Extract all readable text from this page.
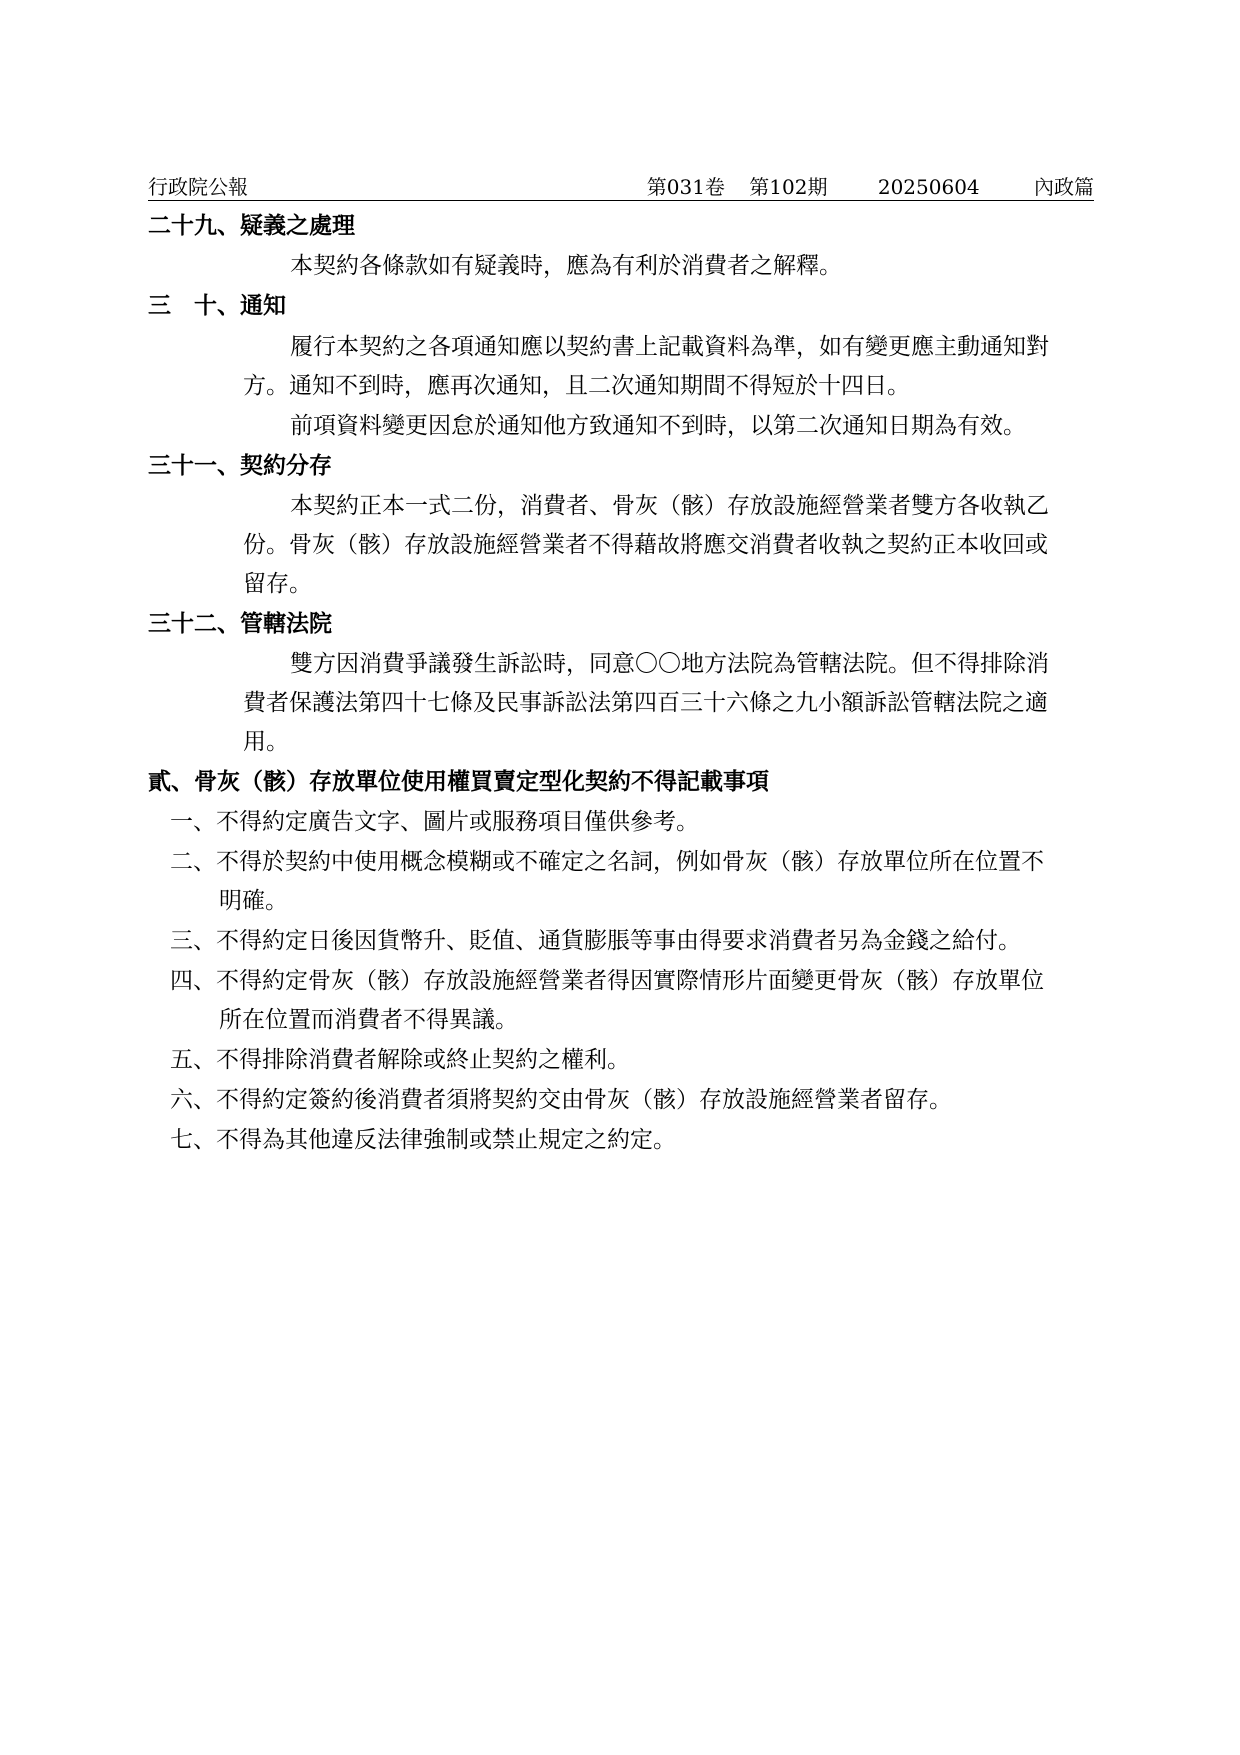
行政院公報	第031卷 第102期	20250604	內政篇
二十九、疑義之處理
本契約各條款如有疑義時，應為有利於消費者之解釋。
三　十、通知
履行本契約之各項通知應以契約書上記載資料為準，如有變更應主動通知對
方。通知不到時，應再次通知，且二次通知期間不得短於十四日。
前項資料變更因怠於通知他方致通知不到時，以第二次通知日期為有效。
三十一、契約分存
本契約正本一式二份，消費者、骨灰（骸）存放設施經營業者雙方各收執乙
份。骨灰（骸）存放設施經營業者不得藉故將應交消費者收執之契約正本收回或
留存。
三十二、管轄法院
雙方因消費爭議發生訴訟時，同意〇〇地方法院為管轄法院。但不得排除消
費者保護法第四十七條及民事訴訟法第四百三十六條之九小額訴訟管轄法院之適
用。
貳、骨灰（骸）存放單位使用權買賣定型化契約不得記載事項
一、不得約定廣告文字、圖片或服務項目僅供參考。
二、不得於契約中使用概念模糊或不確定之名詞，例如骨灰（骸）存放單位所在位置不
明確。
三、不得約定日後因貨幣升、貶值、通貨膨脹等事由得要求消費者另為金錢之給付。
四、不得約定骨灰（骸）存放設施經營業者得因實際情形片面變更骨灰（骸）存放單位
所在位置而消費者不得異議。
五、不得排除消費者解除或終止契約之權利。
六、不得約定簽約後消費者須將契約交由骨灰（骸）存放設施經營業者留存。
七、不得為其他違反法律強制或禁止規定之約定。
